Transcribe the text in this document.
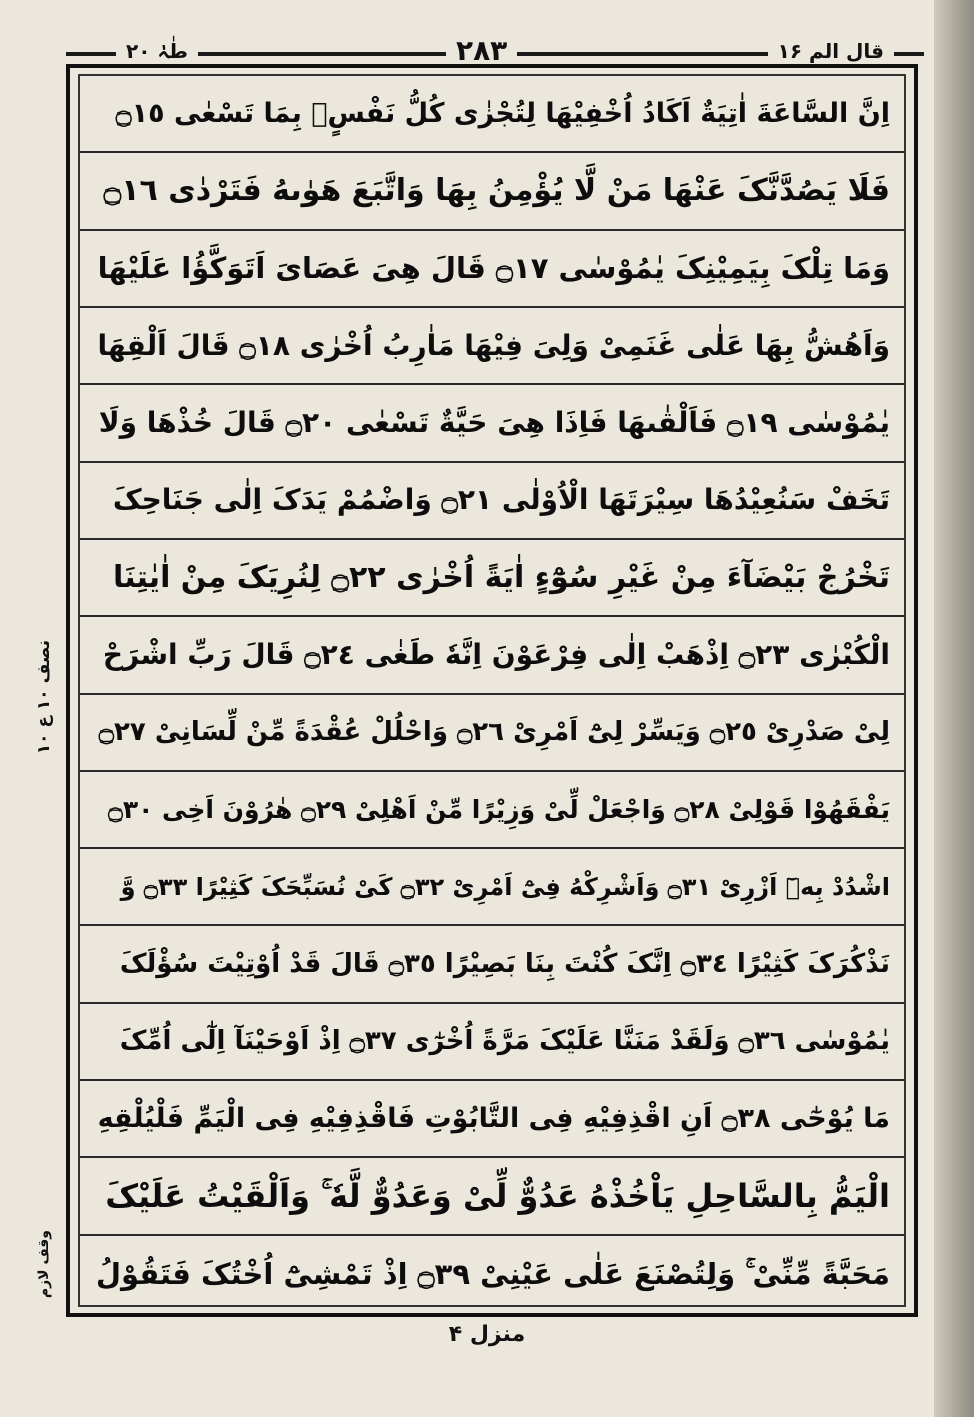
طٰہٰ ۲۰	۲۸۳	قال الم ۱۶
نصف ۱۰ ع ۱۰
وقف لازم
اِنَّ السَّاعَةَ اٰتِیَةٌ اَکَادُ اُخْفِیْهَا لِتُجْزٰی کُلُّ نَفْسٍۭ بِمَا تَسْعٰی ۝١٥
فَلَا یَصُدَّنَّکَ عَنْهَا مَنْ لَّا یُؤْمِنُ بِهَا وَاتَّبَعَ هَوٰىهُ فَتَرْدٰی ۝١٦
وَمَا تِلْکَ بِیَمِیْنِکَ یٰمُوْسٰی ۝١٧ قَالَ هِیَ عَصَایَ اَتَوَکَّؤُا عَلَیْهَا
وَاَهُشُّ بِهَا عَلٰی غَنَمِیْ وَلِیَ فِیْهَا مَاٰرِبُ اُخْرٰی ۝١٨ قَالَ اَلْقِهَا
یٰمُوْسٰی ۝١٩ فَاَلْقٰىهَا فَاِذَا هِیَ حَیَّةٌ تَسْعٰی ۝٢٠ قَالَ خُذْهَا وَلَا
تَخَفْ سَنُعِیْدُهَا سِیْرَتَهَا الْاُوْلٰی ۝٢١ وَاضْمُمْ یَدَکَ اِلٰی جَنَاحِکَ
تَخْرُجْ بَیْضَآءَ مِنْ غَیْرِ سُوْٓءٍ اٰیَةً اُخْرٰی ۝٢٢ لِنُرِیَکَ مِنْ اٰیٰتِنَا
الْکُبْرٰی ۝٢٣ اِذْهَبْ اِلٰی فِرْعَوْنَ اِنَّهٗ طَغٰی ۝٢٤ قَالَ رَبِّ اشْرَحْ
لِیْ صَدْرِیْ ۝٢٥ وَیَسِّرْ لِیْٓ اَمْرِیْ ۝٢٦ وَاحْلُلْ عُقْدَةً مِّنْ لِّسَانِیْ ۝٢٧
یَفْقَهُوْا قَوْلِیْ ۝٢٨ وَاجْعَلْ لِّیْ وَزِیْرًا مِّنْ اَهْلِیْ ۝٢٩ هٰرُوْنَ اَخِی ۝٣٠
اشْدُدْ بِهٖٓ اَزْرِیْ ۝٣١ وَاَشْرِکْهُ فِیْٓ اَمْرِیْ ۝٣٢ کَیْ نُسَبِّحَکَ کَثِیْرًا ۝٣٣ وَّ
نَذْکُرَکَ کَثِیْرًا ۝٣٤ اِنَّکَ کُنْتَ بِنَا بَصِیْرًا ۝٣٥ قَالَ قَدْ اُوْتِیْتَ سُؤْلَکَ
یٰمُوْسٰی ۝٣٦ وَلَقَدْ مَنَنَّا عَلَیْکَ مَرَّةً اُخْرٰٓی ۝٣٧ اِذْ اَوْحَیْنَآ اِلٰٓی اُمِّکَ
مَا یُوْحٰٓی ۝٣٨ اَنِ اقْذِفِیْهِ فِی التَّابُوْتِ فَاقْذِفِیْهِ فِی الْیَمِّ فَلْیُلْقِهِ
الْیَمُّ بِالسَّاحِلِ یَاْخُذْهُ عَدُوٌّ لِّیْ وَعَدُوٌّ لَّهٗ ۚ وَاَلْقَیْتُ عَلَیْکَ
مَحَبَّةً مِّنِّیْ ۚ وَلِتُصْنَعَ عَلٰی عَیْنِیْ ۝٣٩ اِذْ تَمْشِیْٓ اُخْتُکَ فَتَقُوْلُ
منزل ۴
